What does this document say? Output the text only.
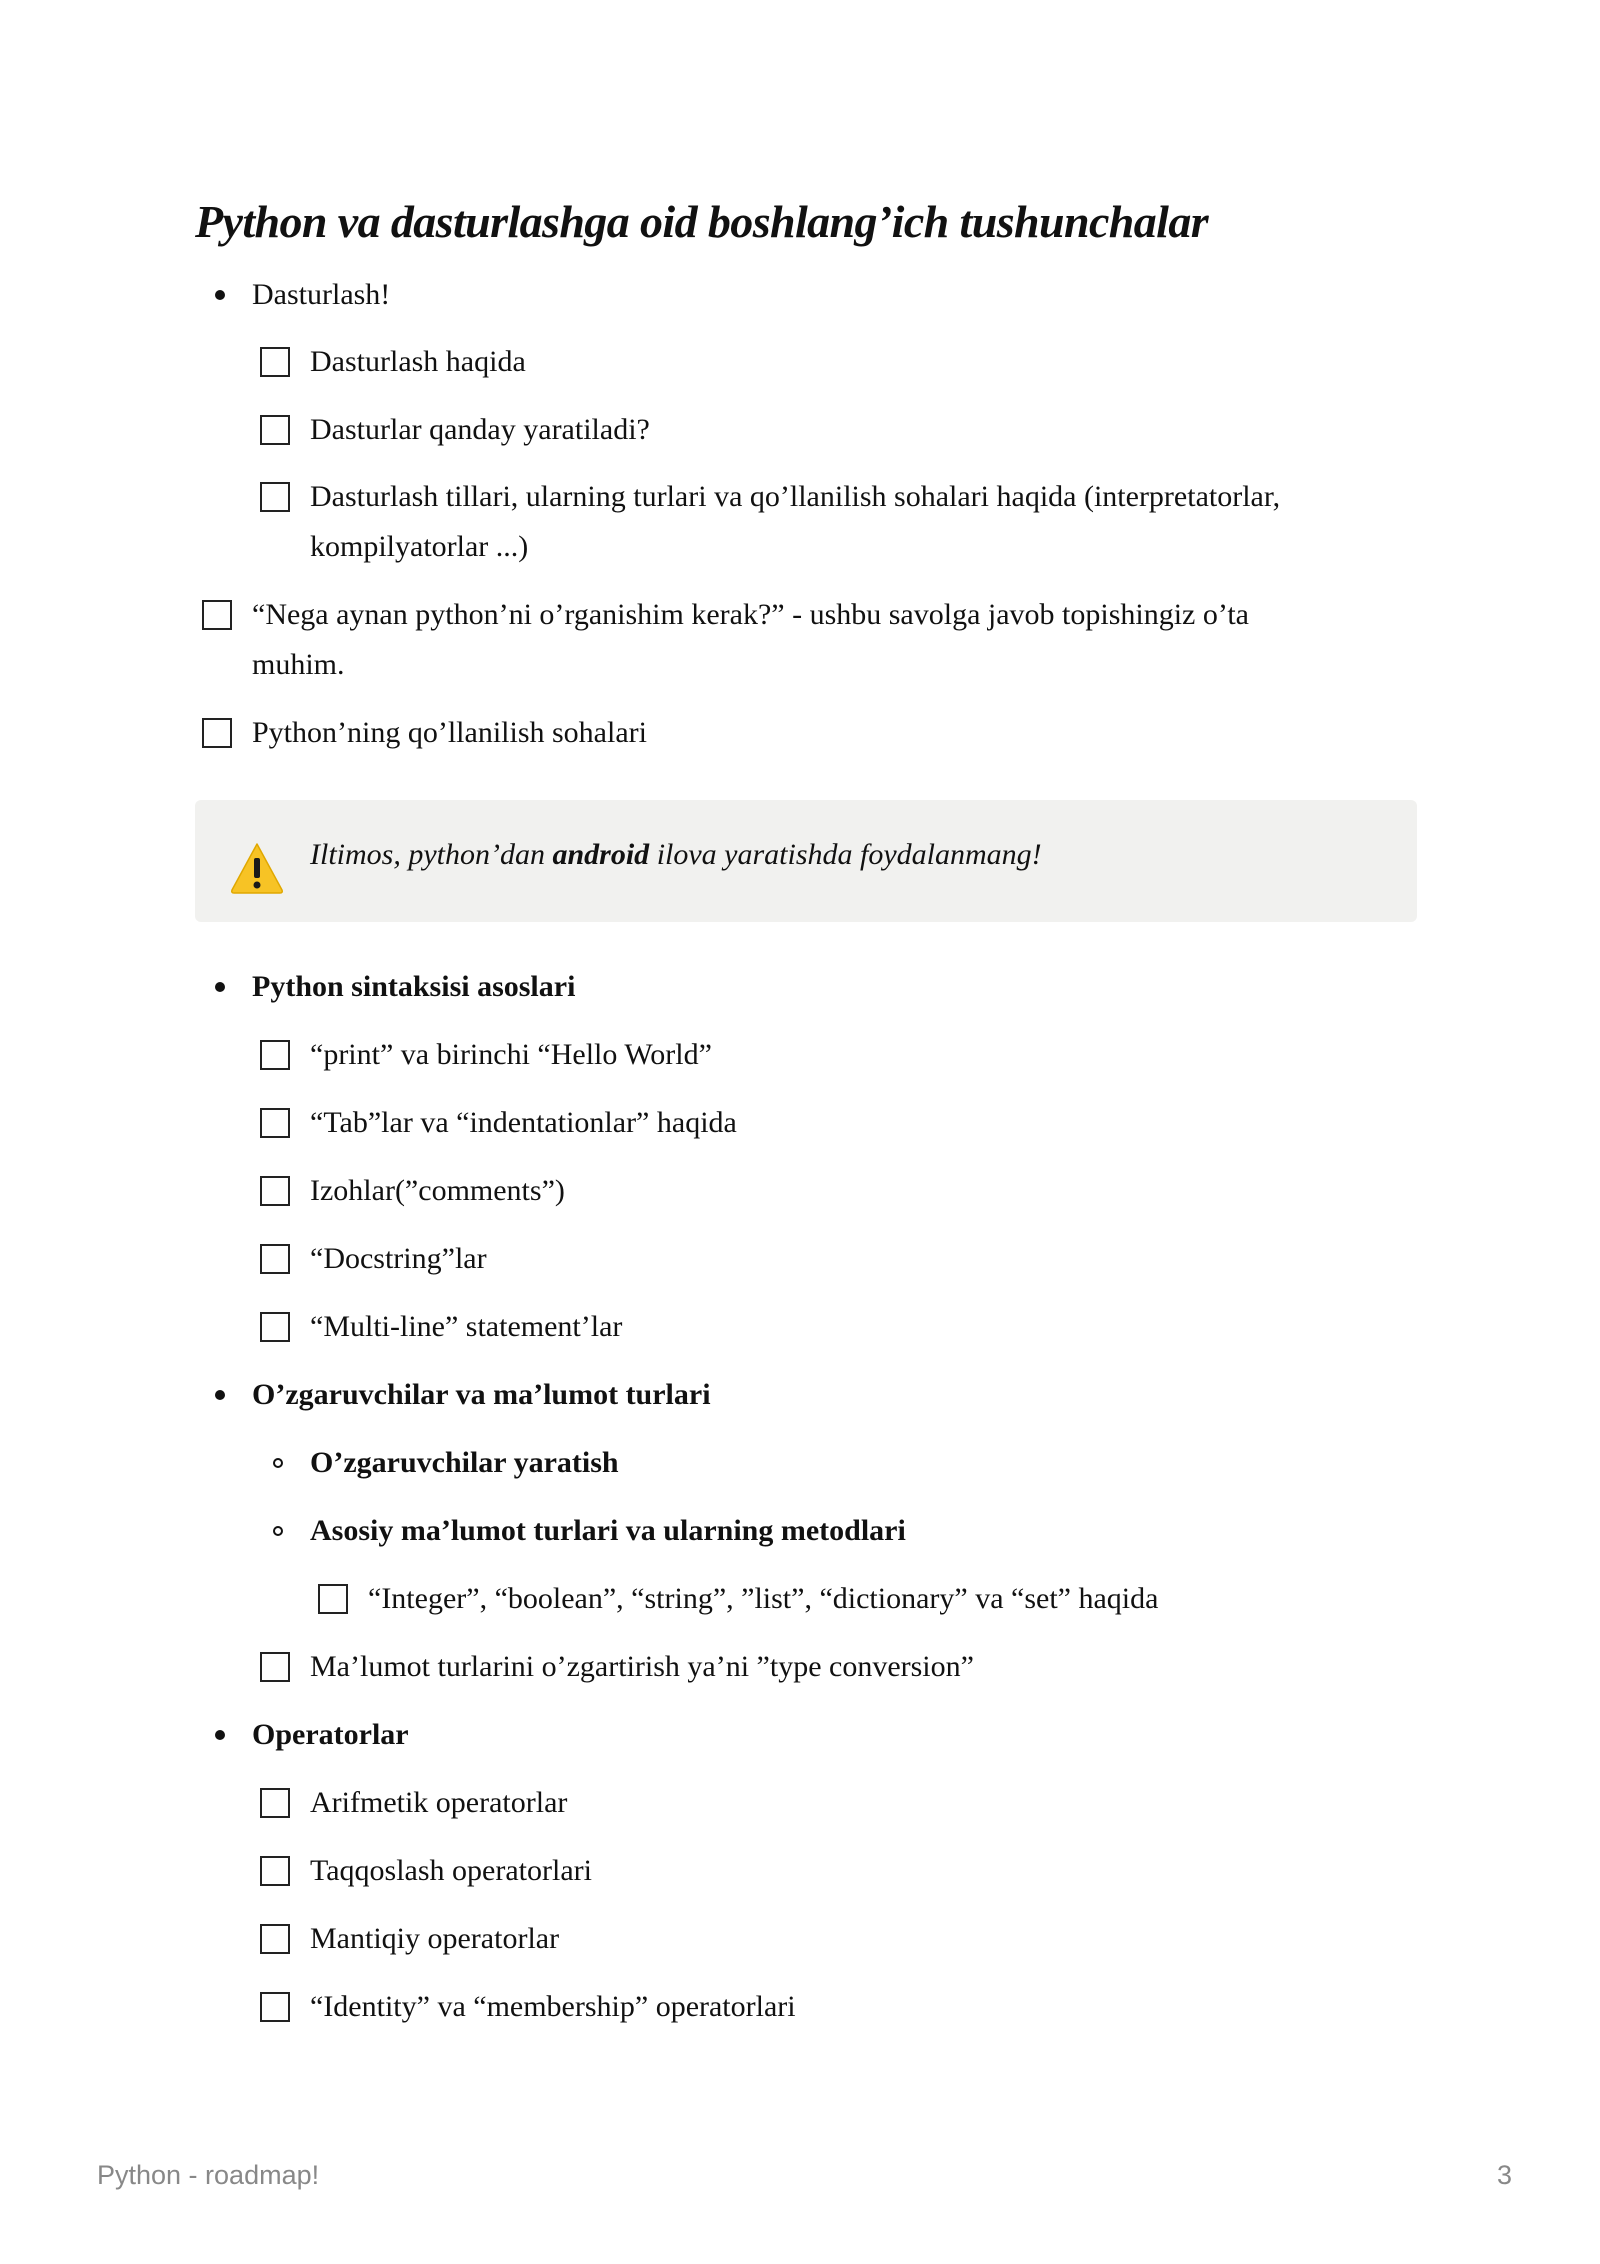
Python va dasturlashga oid boshlang’ich tushunchalar
Dasturlash!
Dasturlash haqida
Dasturlar qanday yaratiladi?
Dasturlash tillari, ularning turlari va qo’llanilish sohalari haqida (interpretatorlar,
kompilyatorlar ...)
“Nega aynan python’ni o’rganishim kerak?” - ushbu savolga javob topishingiz o’ta
muhim.
Python’ning qo’llanilish sohalari
Iltimos, python’dan android ilova yaratishda foydalanmang!
Python sintaksisi asoslari
“print” va birinchi “Hello World”
“Tab”lar va “indentationlar” haqida
Izohlar(”comments”)
“Docstring”lar
“Multi-line” statement’lar
O’zgaruvchilar va ma’lumot turlari
O’zgaruvchilar yaratish
Asosiy ma’lumot turlari va ularning metodlari
“Integer”, “boolean”, “string”, ”list”, “dictionary” va “set” haqida
Ma’lumot turlarini o’zgartirish ya’ni ”type conversion”
Operatorlar
Arifmetik operatorlar
Taqqoslash operatorlari
Mantiqiy operatorlar
“Identity” va “membership” operatorlari
Python - roadmap!	3
